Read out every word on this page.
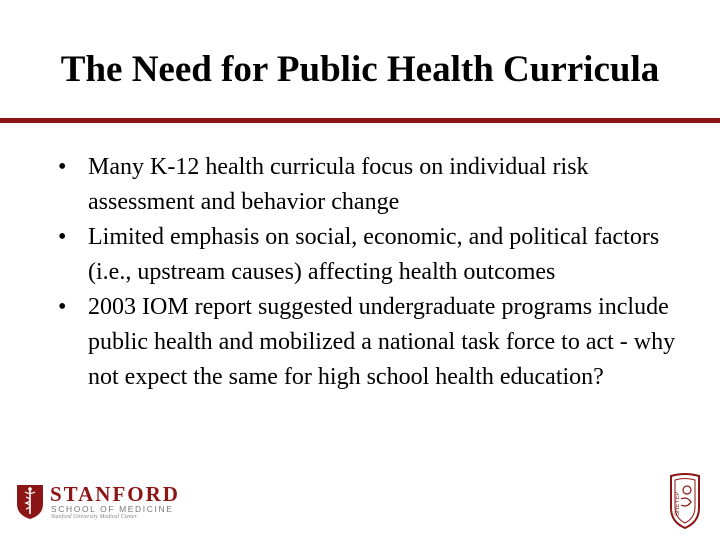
The Need for Public Health Curricula
• Many K-12 health curricula focus on individual risk assessment and behavior change
• Limited emphasis on social, economic, and political factors (i.e., upstream causes) affecting health outcomes
• 2003 IOM report suggested undergraduate programs include public health and mobilized a national task force to act - why not expect the same for high school health education?
STANFORD
SCHOOL OF MEDICINE
Stanford University Medical Center
SHEYEP
